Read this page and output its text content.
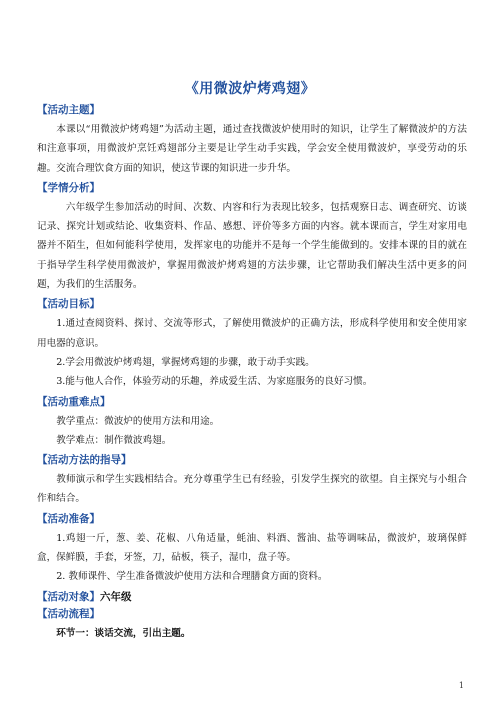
《用微波炉烤鸡翅》
【活动主题】

本课以“用微波炉烤鸡翅”为活动主题，通过查找微波炉使用时的知识，让学生了解微波炉的方法和注意事项，用微波炉烹饪鸡翅部分主要是让学生动手实践，学会安全使用微波炉，享受劳动的乐趣。交流合理饮食方面的知识，使这节课的知识进一步升华。

【学情分析】

六年级学生参加活动的时间、次数、内容和行为表现比较多，包括观察日志、调查研究、访谈记录、探究计划或结论、收集资料、作品、感想、评价等多方面的内容。就本课而言，学生对家用电器并不陌生，但如何能科学使用，发挥家电的功能并不是每一个学生能做到的。安排本课的目的就在于指导学生科学使用微波炉，掌握用微波炉烤鸡翅的方法步骤，让它帮助我们解决生活中更多的问题，为我们的生活服务。

【活动目标】

1.通过查阅资料、探讨、交流等形式，了解使用微波炉的正确方法，形成科学使用和安全使用家用电器的意识。

2.学会用微波炉烤鸡翅，掌握烤鸡翅的步骤，敢于动手实践。

3.能与他人合作，体验劳动的乐趣，养成爱生活、为家庭服务的良好习惯。

【活动重难点】

教学重点：微波炉的使用方法和用途。

教学难点：制作微波鸡翅。

【活动方法的指导】

教师演示和学生实践相结合。充分尊重学生已有经验，引发学生探究的欲望。自主探究与小组合作和结合。

【活动准备】

1.鸡翅一斤，葱、姜、花椒、八角适量，蚝油、料酒、酱油、盐等调味品，微波炉，玻璃保鲜盒，保鲜膜，手套，牙签，刀，砧板，筷子，湿巾，盘子等。

2. 教师课件、学生准备微波炉使用方法和合理膳食方面的资料。

【活动对象】六年级
【活动流程】

环节一：谈话交流，引出主题。

1
